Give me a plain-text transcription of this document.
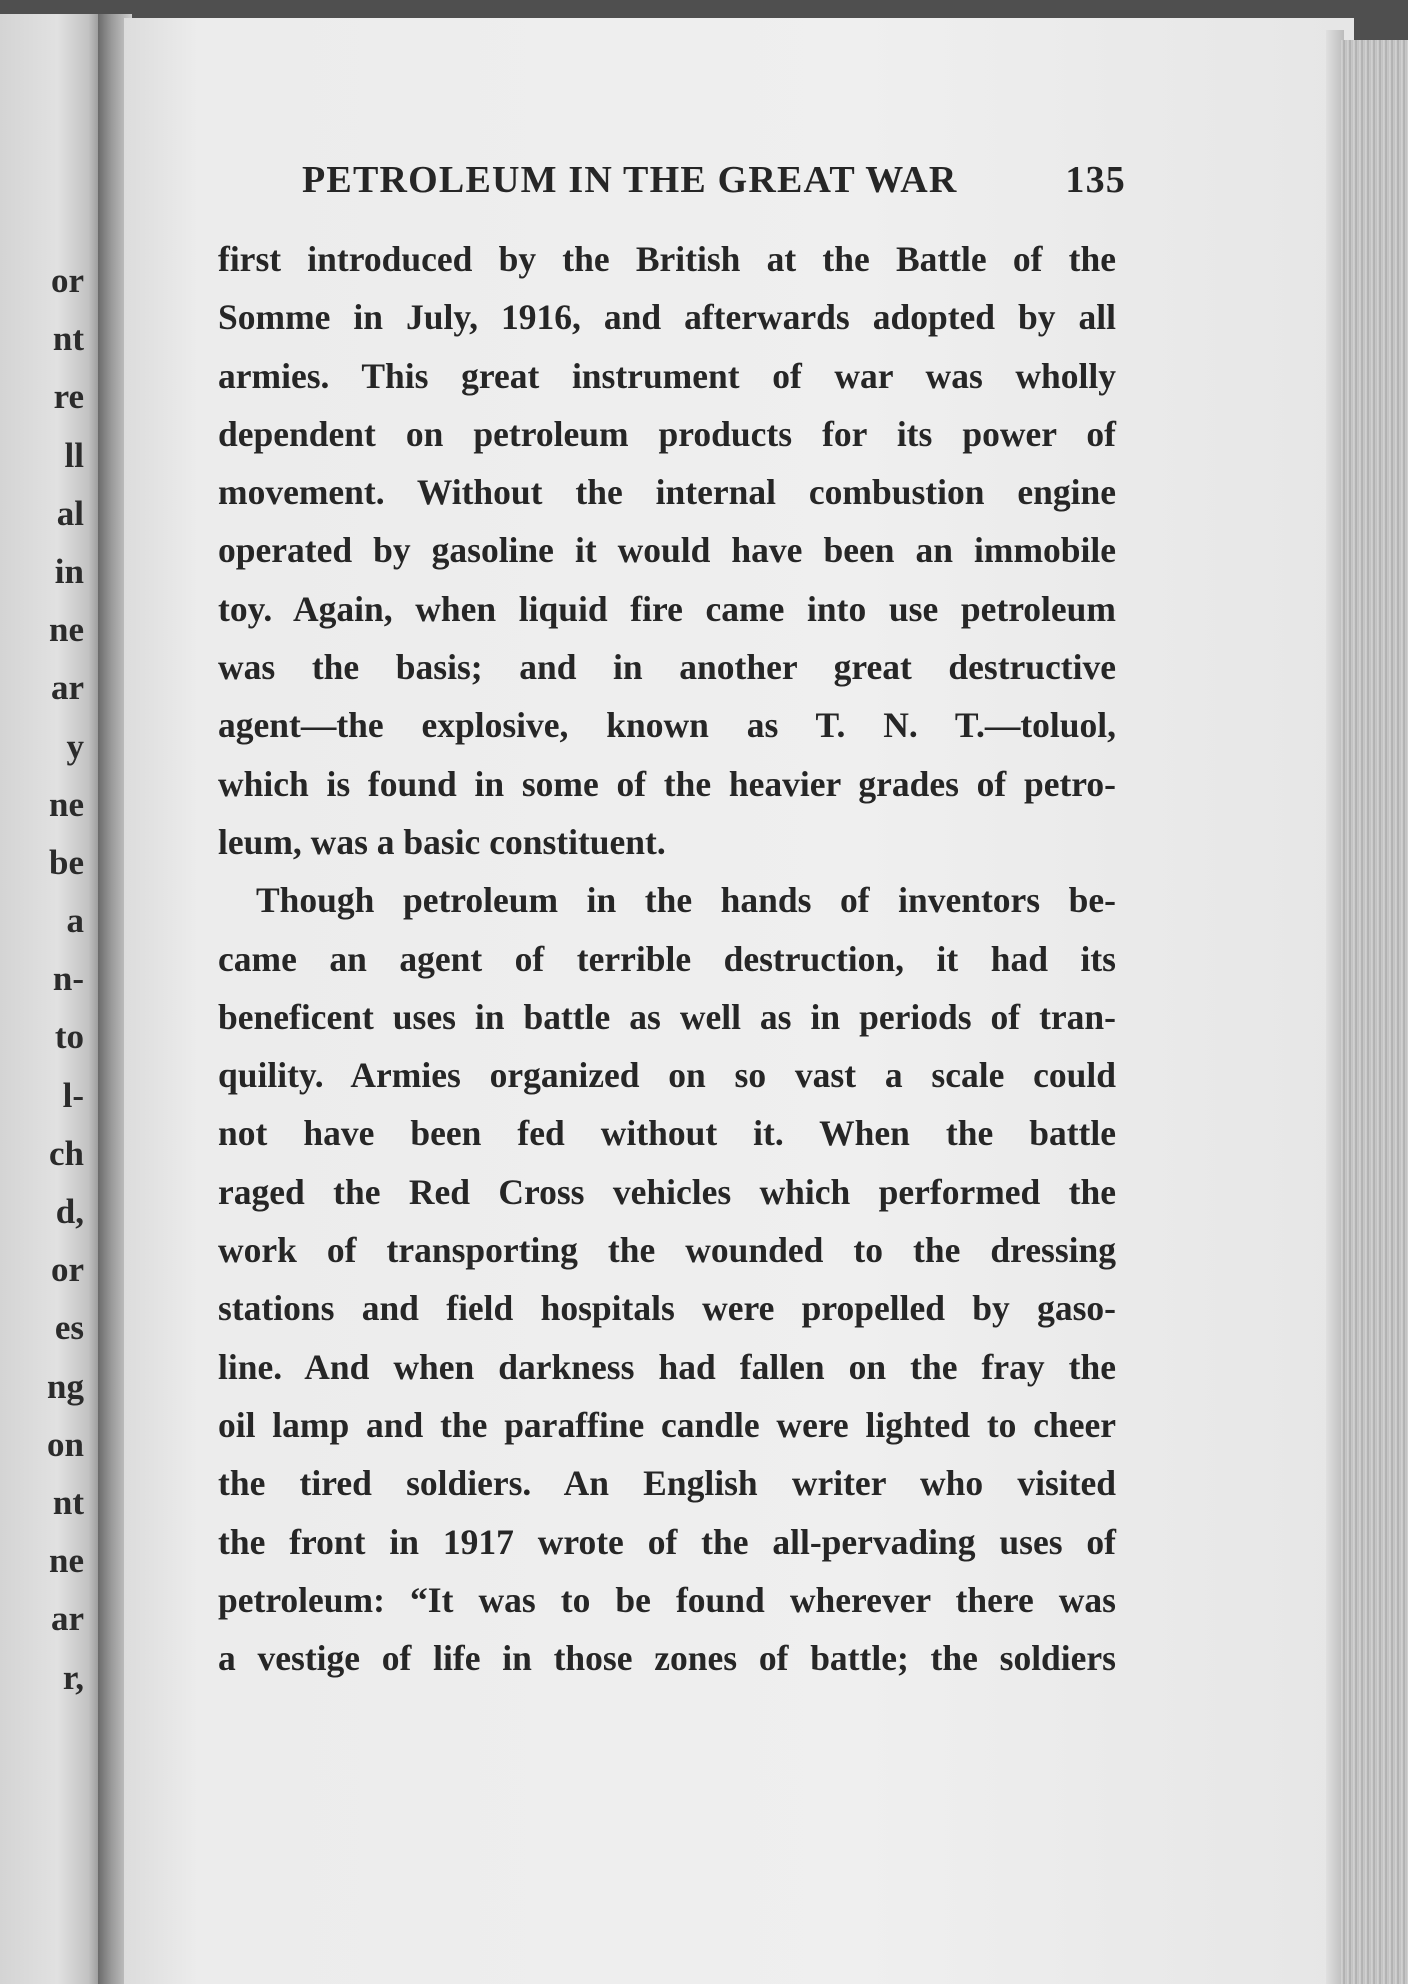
or
nt
re
ll
al
in
ne
ar
y
ne
be
a
n-
to
l-
ch
d,
or
es
ng
on
nt
ne
ar
r,
PETROLEUM IN THE GREAT WAR	135
first introduced by the British at the Battle of the
Somme in July, 1916, and afterwards adopted by all
armies. This great instrument of war was wholly
dependent on petroleum products for its power of
movement. Without the internal combustion engine
operated by gasoline it would have been an immobile
toy. Again, when liquid fire came into use petroleum
was the basis; and in another great destructive
agent—the explosive, known as T. N. T.—toluol,
which is found in some of the heavier grades of petro-
leum, was a basic constituent.
Though petroleum in the hands of inventors be-
came an agent of terrible destruction, it had its
beneficent uses in battle as well as in periods of tran-
quility. Armies organized on so vast a scale could
not have been fed without it. When the battle
raged the Red Cross vehicles which performed the
work of transporting the wounded to the dressing
stations and field hospitals were propelled by gaso-
line. And when darkness had fallen on the fray the
oil lamp and the paraffine candle were lighted to cheer
the tired soldiers. An English writer who visited
the front in 1917 wrote of the all-pervading uses of
petroleum: “It was to be found wherever there was
a vestige of life in those zones of battle; the soldiers
